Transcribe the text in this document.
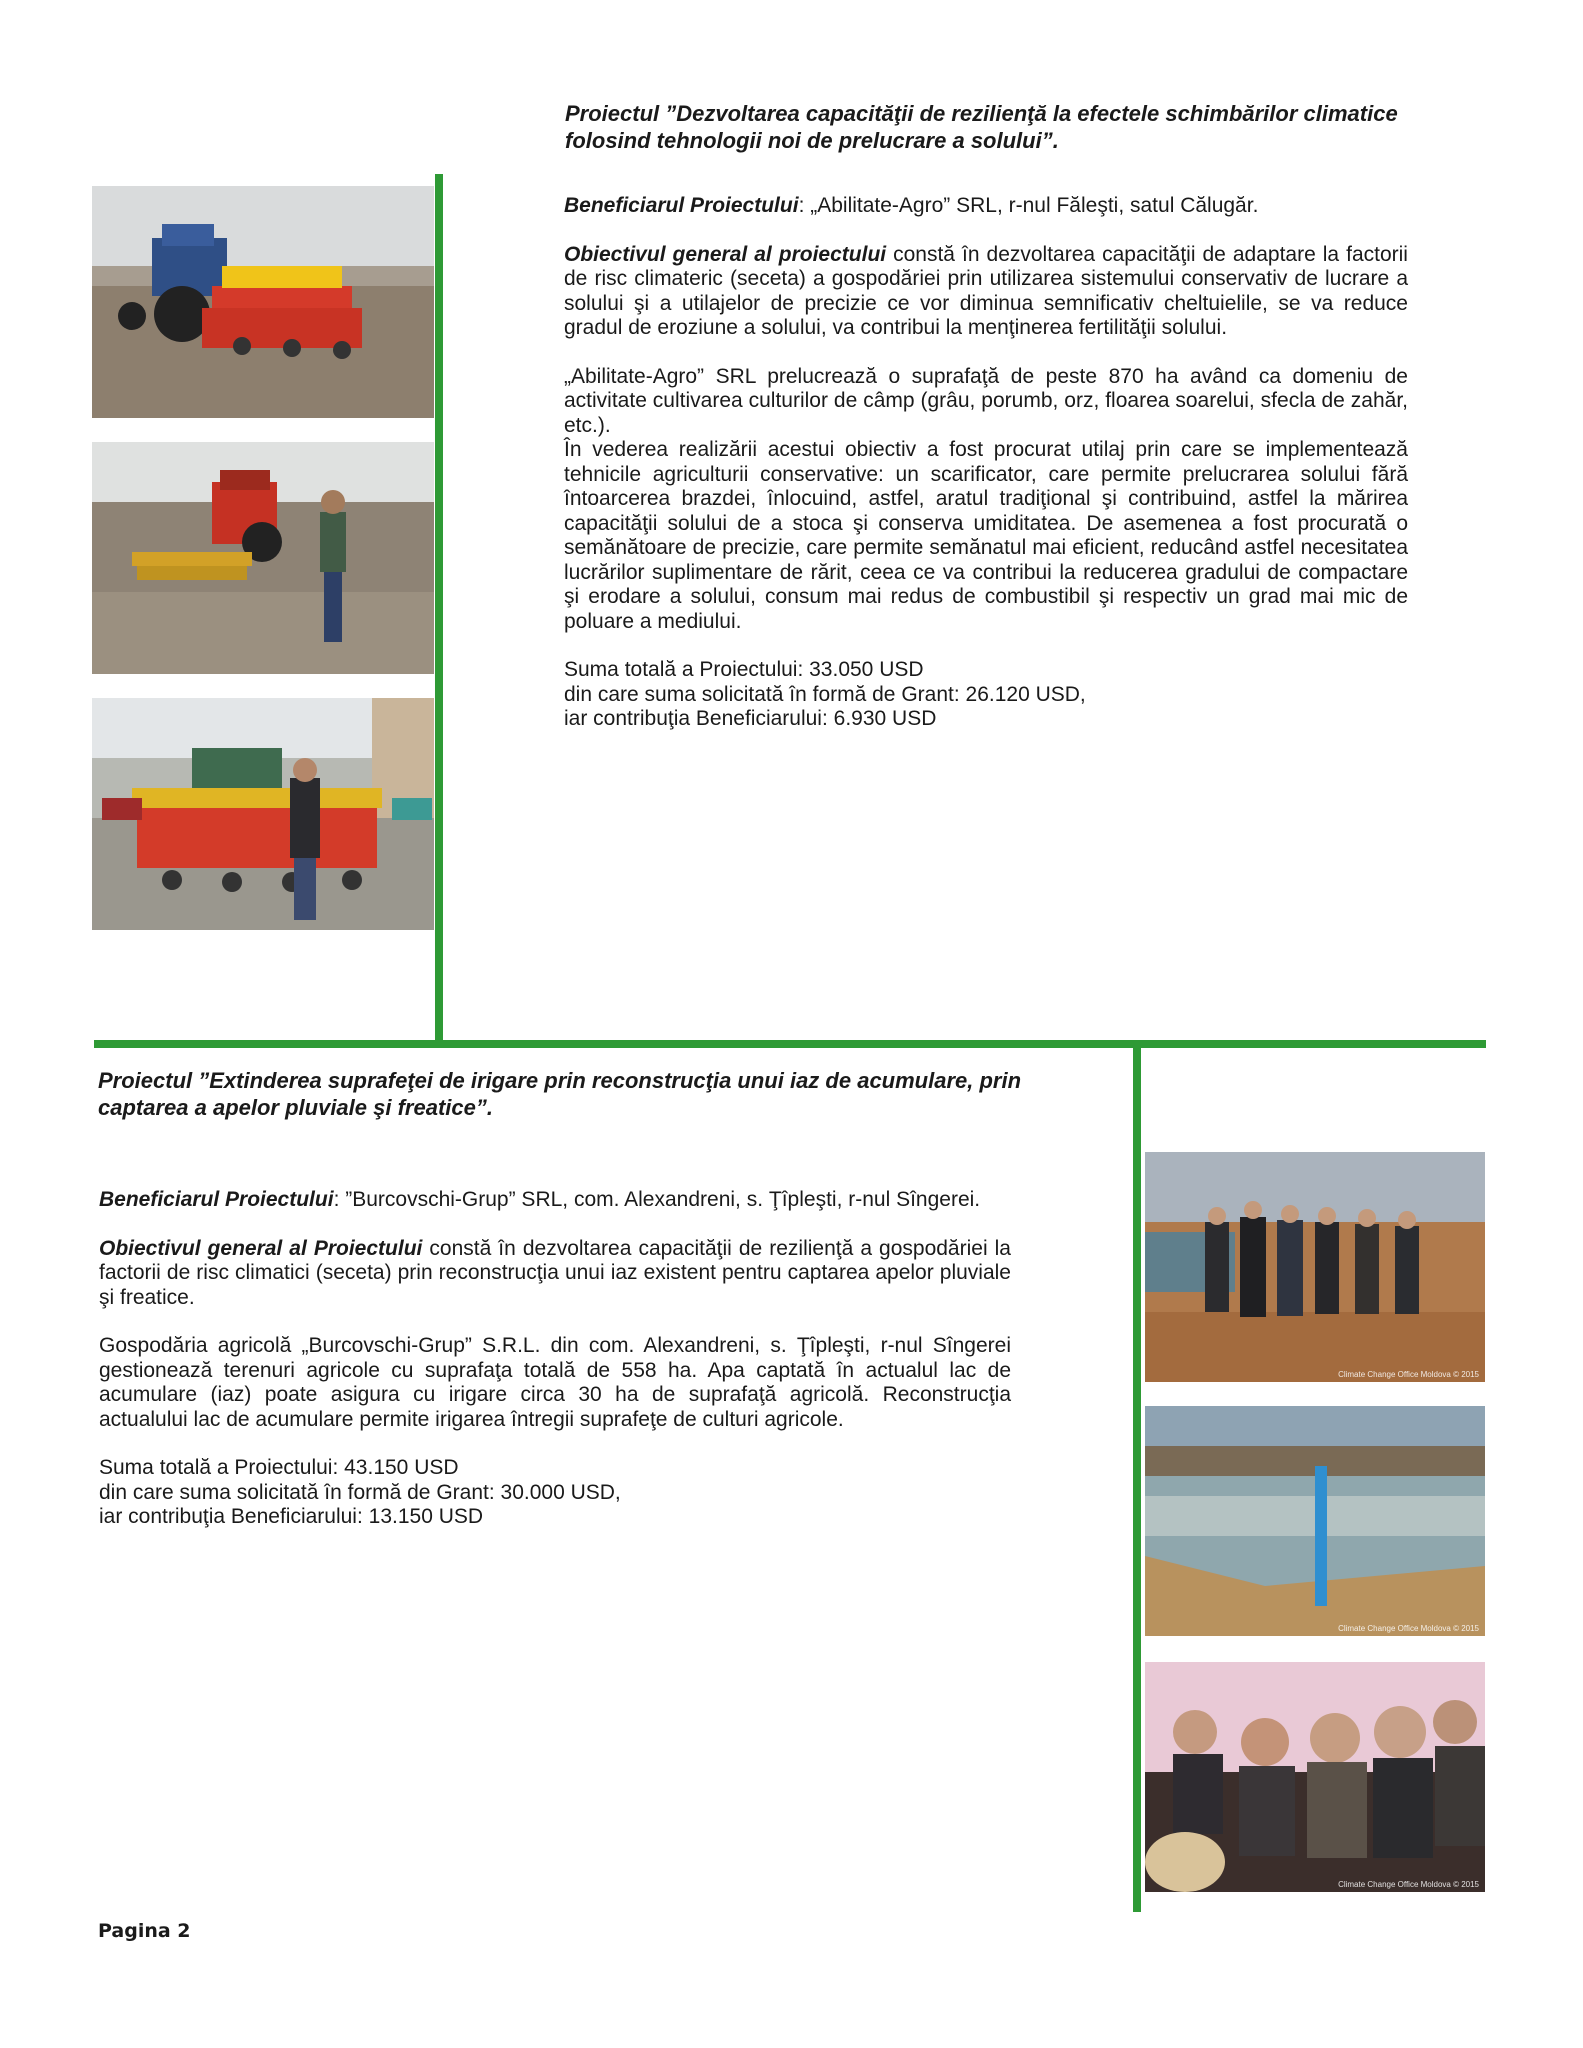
Proiectul ”Dezvoltarea capacităţii de rezilienţă la efectele schimbărilor climatice folosind tehnologii noi de prelucrare a solului”.

Beneficiarul Proiectului: „Abilitate-Agro” SRL, r-nul Făleşti, satul Călugăr.

Obiectivul general al proiectului constă în dezvoltarea capacităţii de adaptare la factorii de risc climateric (seceta) a gospodăriei prin utilizarea sistemului conservativ de lucrare a solului şi a utilajelor de precizie ce vor diminua semnificativ cheltuielile, se va reduce gradul de eroziune a solului, va contribui la menţinerea fertilităţii solului.

„Abilitate-Agro” SRL prelucrează o suprafaţă de peste 870 ha având ca domeniu de activitate cultivarea culturilor de câmp (grâu, porumb, orz, floarea soarelui, sfecla de zahăr, etc.).

În vederea realizării acestui obiectiv a fost procurat utilaj prin care se implementează tehnicile agriculturii conservative: un scarificator, care permite prelucrarea solului fără întoarcerea brazdei, înlocuind, astfel, aratul tradiţional şi contribuind, astfel la mărirea capacităţii solului de a stoca şi conserva umiditatea. De asemenea a fost procurată o semănătoare de precizie, care permite semănatul mai eficient, reducând astfel necesitatea lucrărilor suplimentare de rărit, ceea ce va contribui la reducerea gradului de compactare şi erodare a solului, consum mai redus de combustibil şi respectiv un grad mai mic de poluare a mediului.

Suma totală a Proiectului: 33.050 USD

din care suma solicitată în formă de Grant: 26.120 USD,

iar contribuţia Beneficiarului: 6.930 USD

Proiectul ”Extinderea suprafeţei de irigare prin reconstrucţia unui iaz de acumulare, prin captarea a apelor pluviale şi freatice”.

Beneficiarul Proiectului: ”Burcovschi-Grup” SRL, com. Alexandreni, s. Ţîpleşti, r-nul Sîngerei.

Obiectivul general al Proiectului constă în dezvoltarea capacităţii de rezilienţă a gospodăriei la factorii de risc climatici (seceta) prin reconstrucţia unui iaz existent pentru captarea apelor pluviale şi freatice.

Gospodăria agricolă „Burcovschi-Grup” S.R.L. din com. Alexandreni, s. Ţîpleşti, r-nul Sîngerei gestionează terenuri agricole cu suprafaţa totală de 558 ha. Apa captată în actualul lac de acumulare (iaz) poate asigura cu irigare circa 30 ha de suprafaţă agricolă. Reconstrucţia actualului lac de acumulare permite irigarea întregii suprafeţe de culturi agricole.

Suma totală a Proiectului: 43.150 USD

din care suma solicitată în formă de Grant: 30.000 USD,

iar contribuţia Beneficiarului: 13.150 USD

Climate Change Office Moldova © 2015
Climate Change Office Moldova © 2015
Climate Change Office Moldova © 2015
Pagina 2
